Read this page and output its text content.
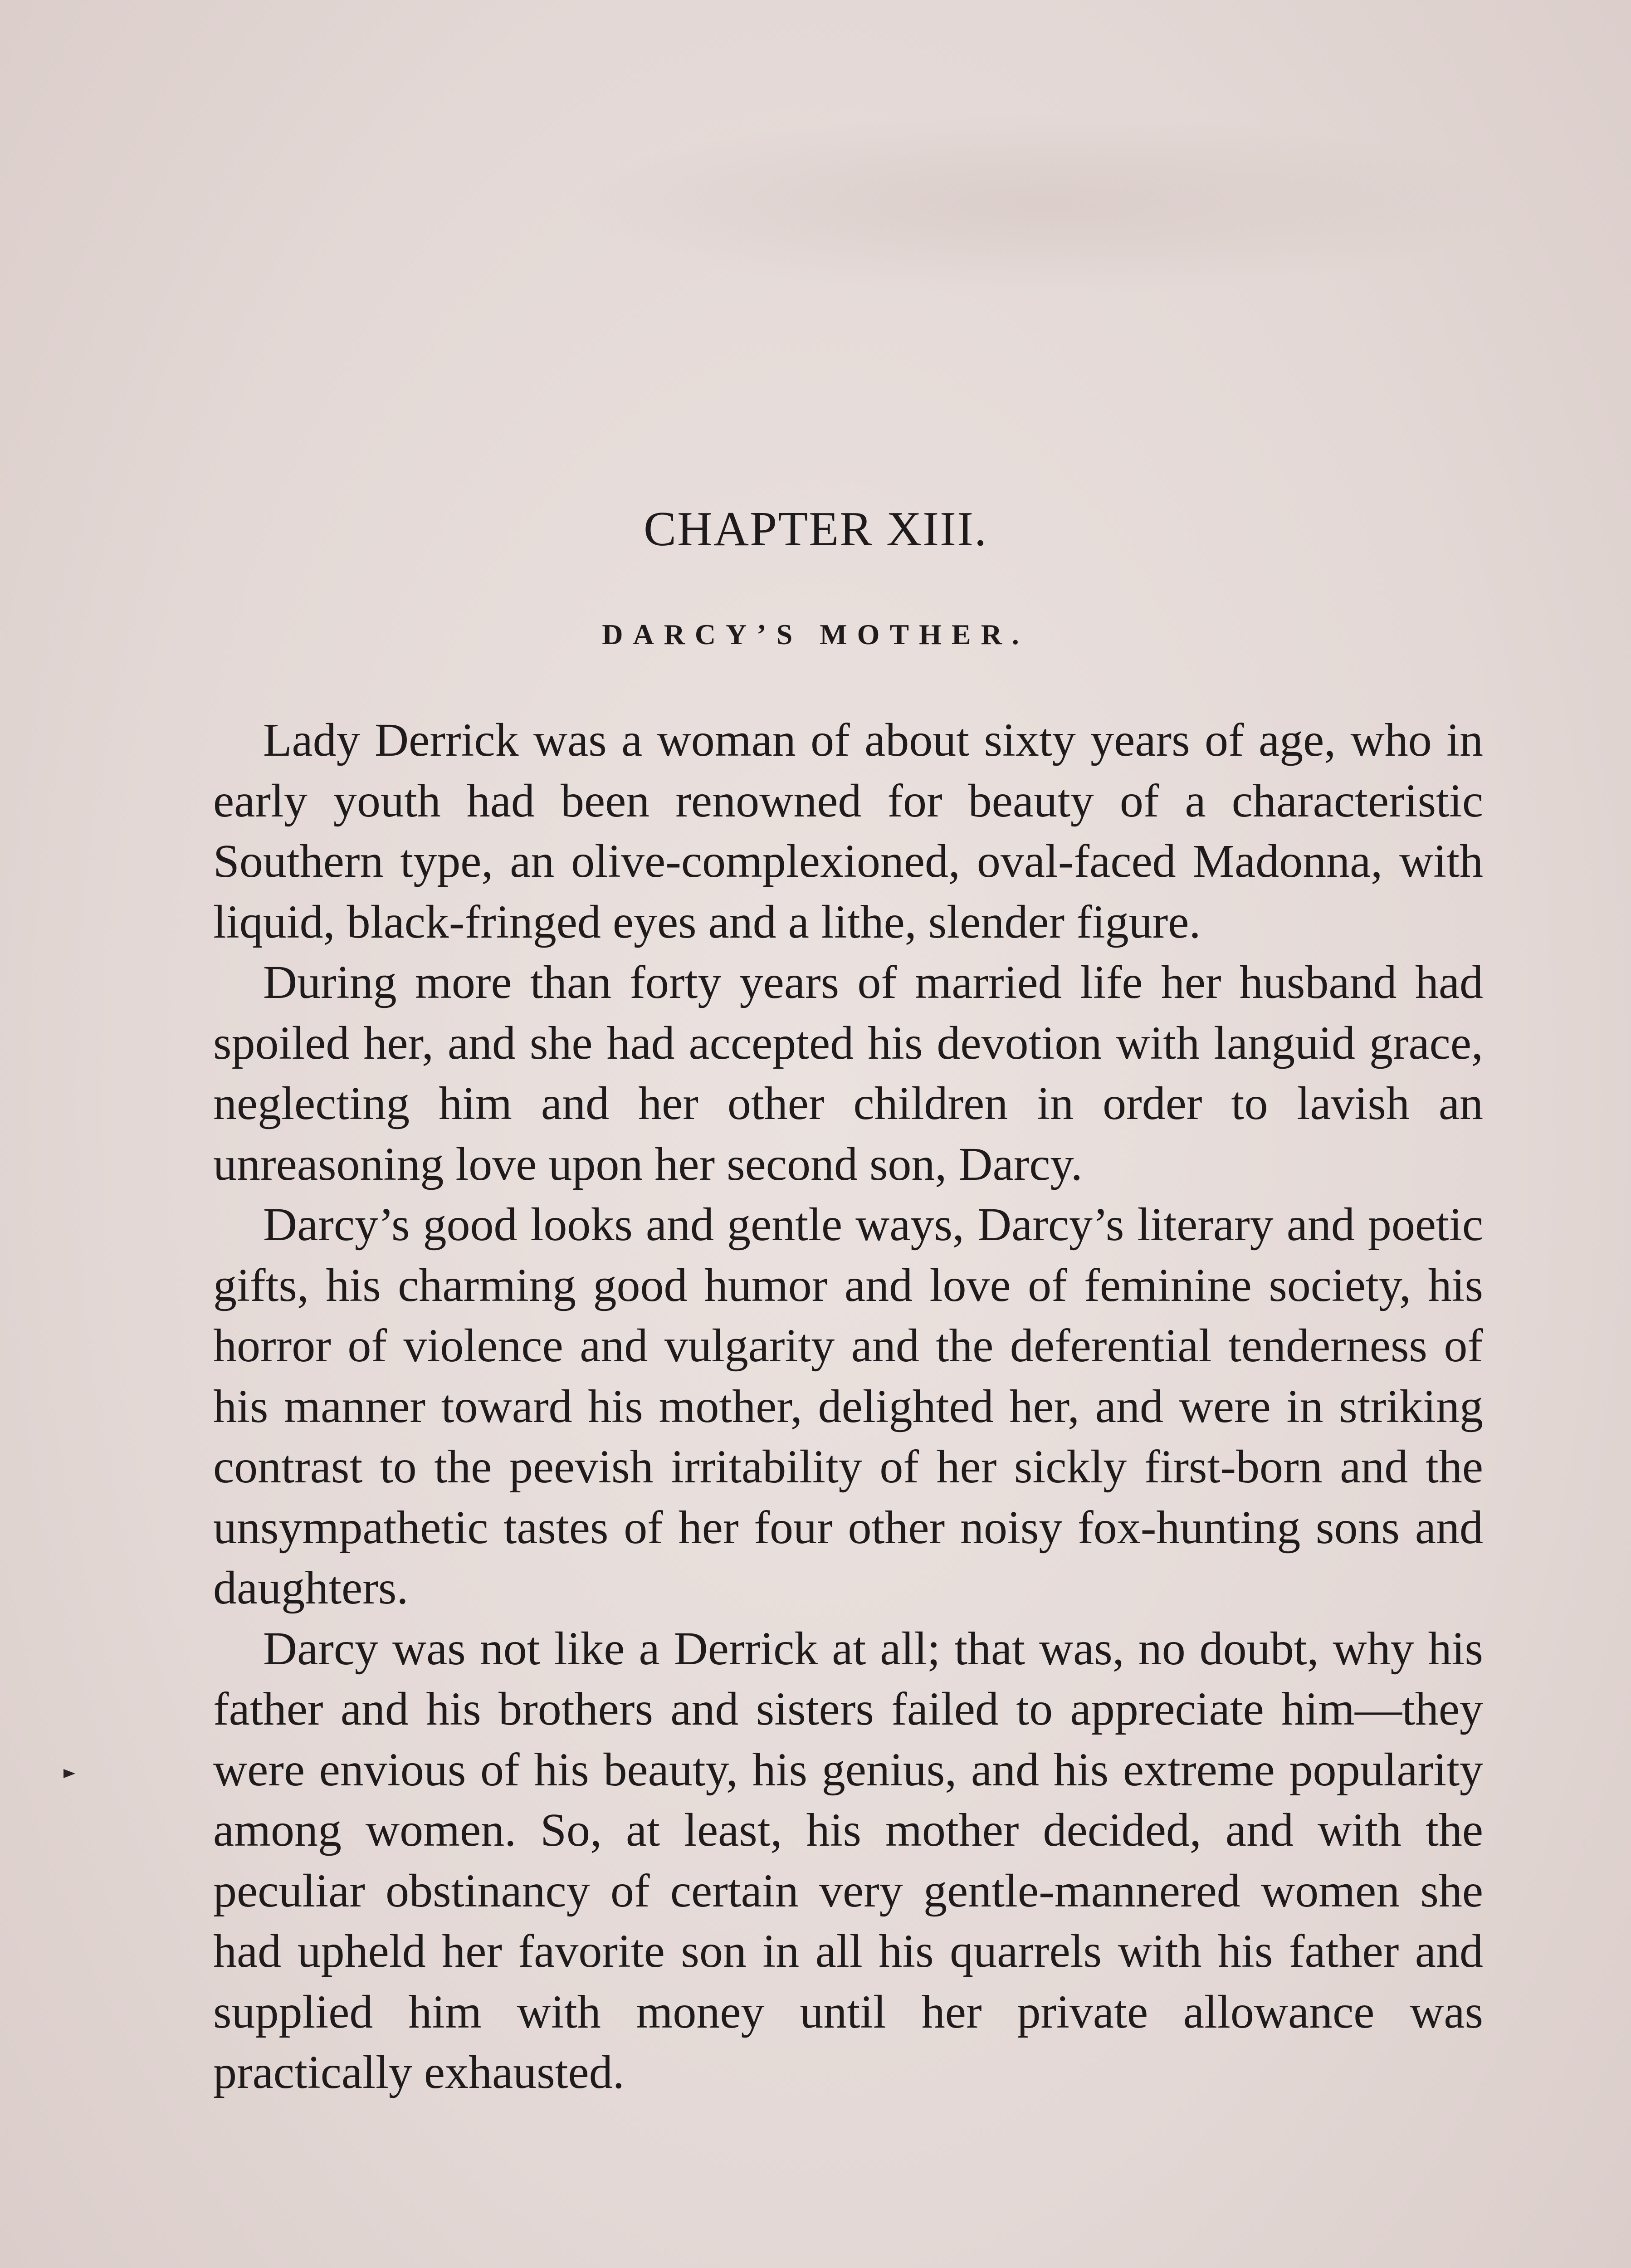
CHAPTER XIII.
DARCY’S MOTHER.

Lady Derrick was a woman of about sixty years of age, who in early youth had been renowned for beauty of a characteristic Southern type, an olive-complexioned, oval-faced Madonna, with liquid, black-fringed eyes and a lithe, slender figure.

During more than forty years of married life her husband had spoiled her, and she had accepted his devotion with languid grace, neglecting him and her other children in order to lavish an unreasoning love upon her second son, Darcy.

Darcy’s good looks and gentle ways, Darcy’s literary and poetic gifts, his charming good humor and love of feminine society, his horror of violence and vulgarity and the deferential tenderness of his manner toward his mother, delighted her, and were in striking contrast to the peevish irritability of her sickly first-born and the unsympathetic tastes of her four other noisy fox-hunting sons and daughters.

Darcy was not like a Derrick at all; that was, no doubt, why his father and his brothers and sisters failed to appreciate him—they were envious of his beauty, his genius, and his extreme popularity among women. So, at least, his mother decided, and with the peculiar obstinancy of certain very gentle-mannered women she had upheld her favorite son in all his quarrels with his father and supplied him with money until her private allowance was practically exhausted.
